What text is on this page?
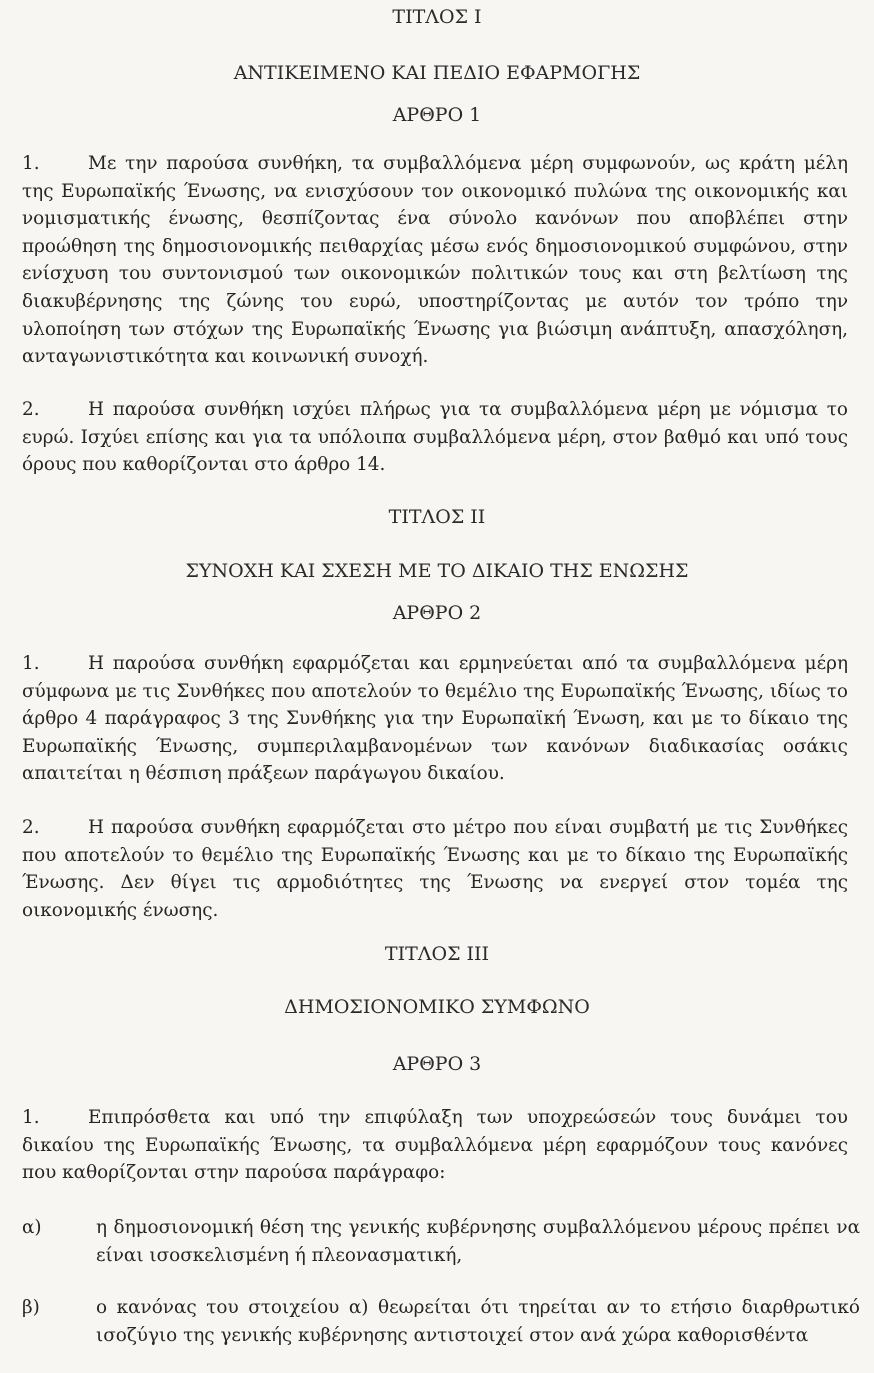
ΤΙΤΛΟΣ I
ΑΝΤΙΚΕΙΜΕΝΟ ΚΑΙ ΠΕΔΙΟ ΕΦΑΡΜΟΓΗΣ
ΑΡΘΡΟ 1

1.	Με την παρούσα συνθήκη, τα συμβαλλόμενα μέρη συμφωνούν, ως κράτη μέλη της Ευρωπαϊκής Ένωσης, να ενισχύσουν τον οικονομικό πυλώνα της οικονομικής και νομισματικής ένωσης, θεσπίζοντας ένα σύνολο κανόνων που αποβλέπει στην προώθηση της δημοσιονομικής πειθαρχίας μέσω ενός δημοσιονομικού συμφώνου, στην ενίσχυση του συντονισμού των οικονομικών πολιτικών τους και στη βελτίωση της διακυβέρνησης της ζώνης του ευρώ, υποστηρίζοντας με αυτόν τον τρόπο την υλοποίηση των στόχων της Ευρωπαϊκής Ένωσης για βιώσιμη ανάπτυξη, απασχόληση, ανταγωνιστικότητα και κοινωνική συνοχή.

2.	Η παρούσα συνθήκη ισχύει πλήρως για τα συμβαλλόμενα μέρη με νόμισμα το ευρώ. Ισχύει επίσης και για τα υπόλοιπα συμβαλλόμενα μέρη, στον βαθμό και υπό τους όρους που καθορίζονται στο άρθρο 14.

ΤΙΤΛΟΣ II
ΣΥΝΟΧΗ ΚΑΙ ΣΧΕΣΗ ΜΕ ΤΟ ΔΙΚΑΙΟ ΤΗΣ ΕΝΩΣΗΣ
ΑΡΘΡΟ 2

1.	Η παρούσα συνθήκη εφαρμόζεται και ερμηνεύεται από τα συμβαλλόμενα μέρη σύμφωνα με τις Συνθήκες που αποτελούν το θεμέλιο της Ευρωπαϊκής Ένωσης, ιδίως το άρθρο 4 παράγραφος 3 της Συνθήκης για την Ευρωπαϊκή Ένωση, και με το δίκαιο της Ευρωπαϊκής Ένωσης, συμπεριλαμβανομένων των κανόνων διαδικασίας οσάκις απαιτείται η θέσπιση πράξεων παράγωγου δικαίου.

2.	Η παρούσα συνθήκη εφαρμόζεται στο μέτρο που είναι συμβατή με τις Συνθήκες που αποτελούν το θεμέλιο της Ευρωπαϊκής Ένωσης και με το δίκαιο της Ευρωπαϊκής Ένωσης. Δεν θίγει τις αρμοδιότητες της Ένωσης να ενεργεί στον τομέα της οικονομικής ένωσης.

ΤΙΤΛΟΣ III
ΔΗΜΟΣΙΟΝΟΜΙΚΟ ΣΥΜΦΩΝΟ
ΑΡΘΡΟ 3

1.	Επιπρόσθετα και υπό την επιφύλαξη των υποχρεώσεών τους δυνάμει του δικαίου της Ευρωπαϊκής Ένωσης, τα συμβαλλόμενα μέρη εφαρμόζουν τους κανόνες που καθορίζονται στην παρούσα παράγραφο:

α)	η δημοσιονομική θέση της γενικής κυβέρνησης συμβαλλόμενου μέρους πρέπει να είναι ισοσκελισμένη ή πλεονασματική,
β)	ο κανόνας του στοιχείου α) θεωρείται ότι τηρείται αν το ετήσιο διαρθρωτικό ισοζύγιο της γενικής κυβέρνησης αντιστοιχεί στον ανά χώρα καθορισθέντα
